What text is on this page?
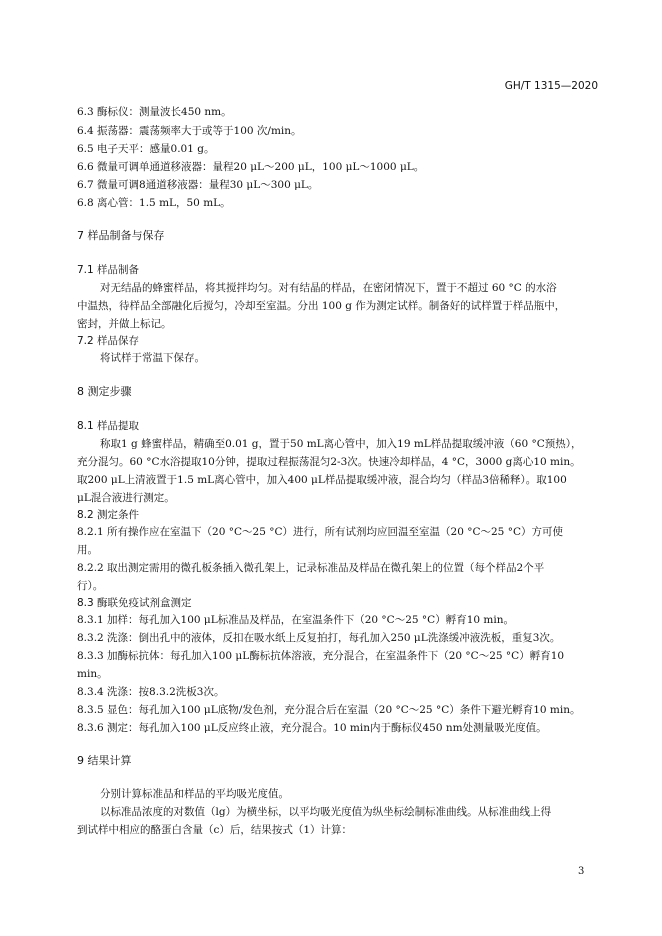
GH/T 1315—2020
6.3 酶标仪：测量波长450 nm。
6.4 振荡器：震荡频率大于或等于100 次/min。
6.5 电子天平：感量0.01 g。
6.6 微量可调单通道移液器：量程20 μL～200 μL，100 μL～1000 μL。
6.7 微量可调8通道移液器：量程30 μL～300 μL。
6.8 离心管：1.5 mL，50 mL。
7 样品制备与保存
7.1 样品制备
对无结晶的蜂蜜样品，将其搅拌均匀。对有结晶的样品，在密闭情况下，置于不超过 60 °C 的水浴
中温热，待样品全部融化后搅匀，冷却至室温。分出 100 g 作为测定试样。制备好的试样置于样品瓶中，
密封，并做上标记。
7.2 样品保存
将试样于常温下保存。
8 测定步骤
8.1 样品提取
称取1 g 蜂蜜样品，精确至0.01 g，置于50 mL离心管中，加入19 mL样品提取缓冲液（60 °C预热），
充分混匀。60 °C水浴提取10分钟，提取过程振荡混匀2-3次。快速冷却样品，4 °C，3000 g离心10 min。
取200 μL上清液置于1.5 mL离心管中，加入400 μL样品提取缓冲液，混合均匀（样品3倍稀释）。取100
μL混合液进行测定。
8.2 测定条件
8.2.1 所有操作应在室温下（20 °C～25 °C）进行，所有试剂均应回温至室温（20 °C～25 °C）方可使
用。
8.2.2 取出测定需用的微孔板条插入微孔架上，记录标准品及样品在微孔架上的位置（每个样品2个平
行）。
8.3 酶联免疫试剂盒测定
8.3.1 加样：每孔加入100 μL标准品及样品，在室温条件下（20 °C～25 °C）孵育10 min。
8.3.2 洗涤：倒出孔中的液体，反扣在吸水纸上反复拍打，每孔加入250 μL洗涤缓冲液洗板，重复3次。
8.3.3 加酶标抗体：每孔加入100 μL酶标抗体溶液，充分混合，在室温条件下（20 °C～25 °C）孵育10
min。
8.3.4 洗涤：按8.3.2洗板3次。
8.3.5 显色：每孔加入100 μL底物/发色剂，充分混合后在室温（20 °C～25 °C）条件下避光孵育10 min。
8.3.6 测定：每孔加入100 μL反应终止液，充分混合。10 min内于酶标仪450 nm处测量吸光度值。
9 结果计算
分别计算标准品和样品的平均吸光度值。
以标准品浓度的对数值（lg）为横坐标，以平均吸光度值为纵坐标绘制标准曲线。从标准曲线上得
到试样中相应的酪蛋白含量（c）后，结果按式（1）计算：
3
